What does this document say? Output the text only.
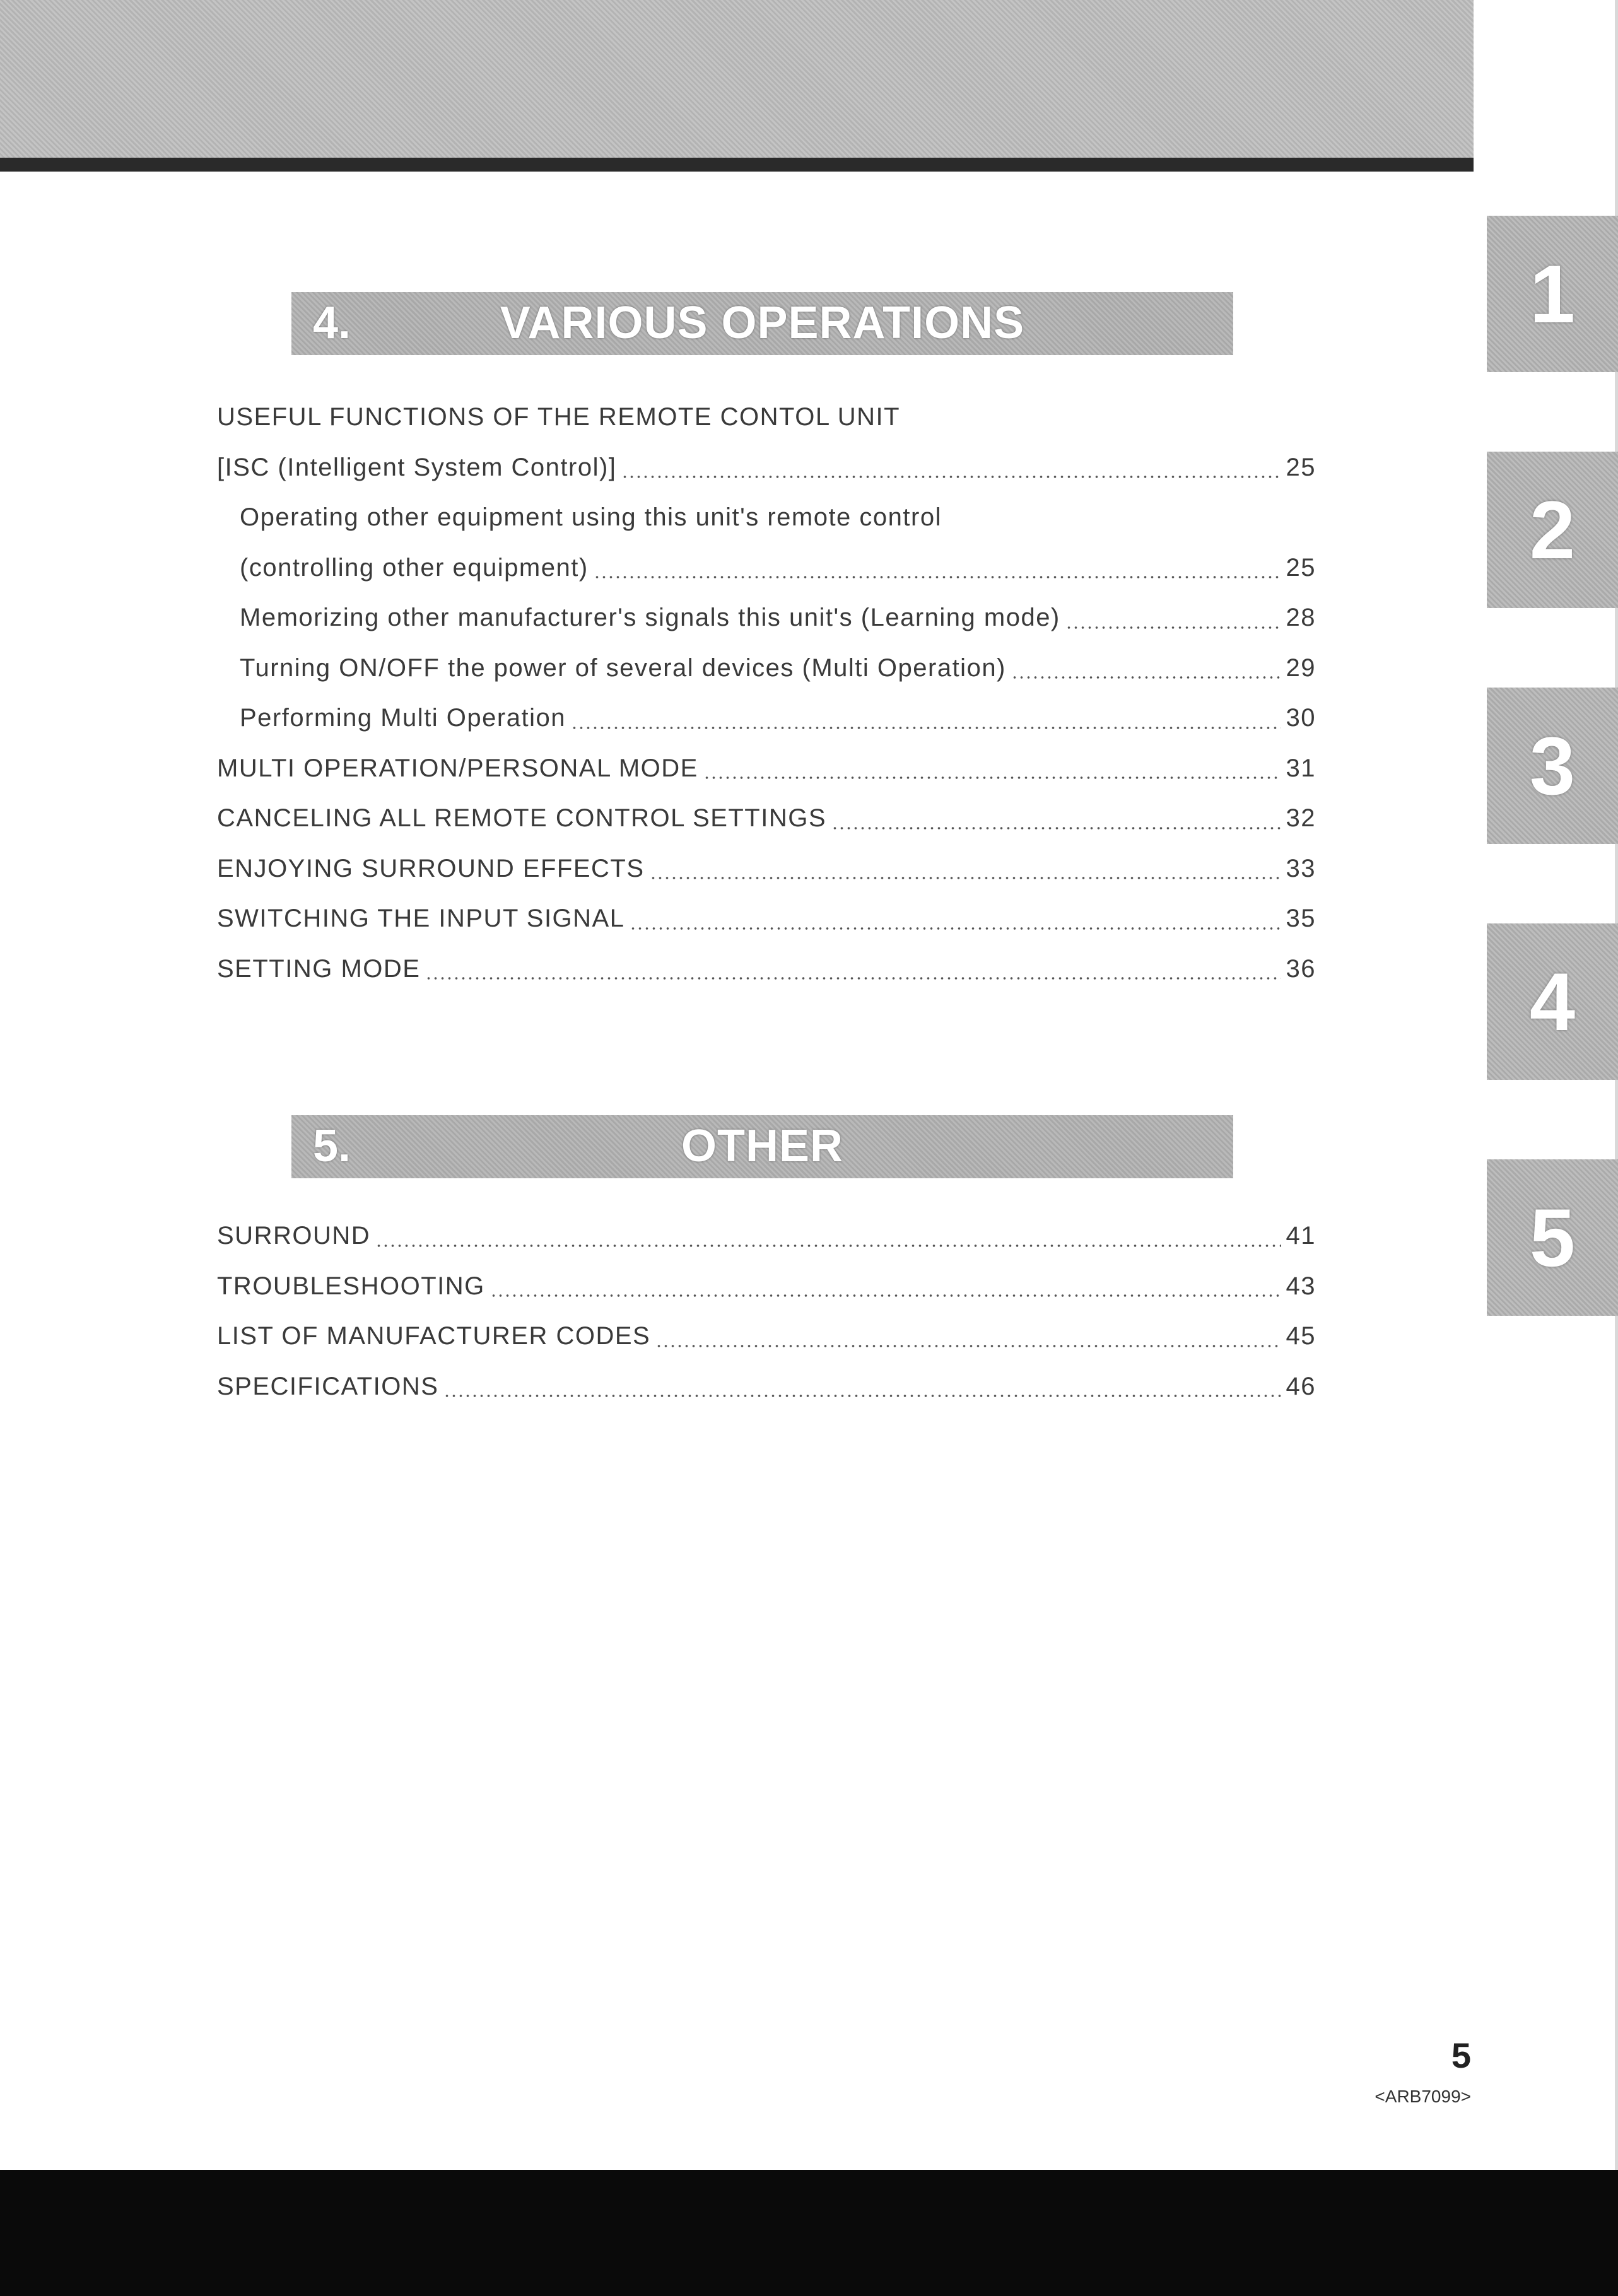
4.	VARIOUS OPERATIONS
USEFUL FUNCTIONS OF THE REMOTE CONTOL UNIT
[ISC (Intelligent System Control)]	25
Operating other equipment using this unit's remote control
(controlling other equipment)	25
Memorizing other manufacturer's signals this unit's (Learning mode)	28
Turning ON/OFF the power of several devices (Multi Operation)	29
Performing Multi Operation	30
MULTI OPERATION/PERSONAL MODE	31
CANCELING ALL REMOTE CONTROL SETTINGS	32
ENJOYING SURROUND EFFECTS	33
SWITCHING THE INPUT SIGNAL	35
SETTING MODE	36
5.	OTHER
SURROUND	41
TROUBLESHOOTING	43
LIST OF MANUFACTURER CODES	45
SPECIFICATIONS	46
1
2
3
4
5
5
<ARB7099>
